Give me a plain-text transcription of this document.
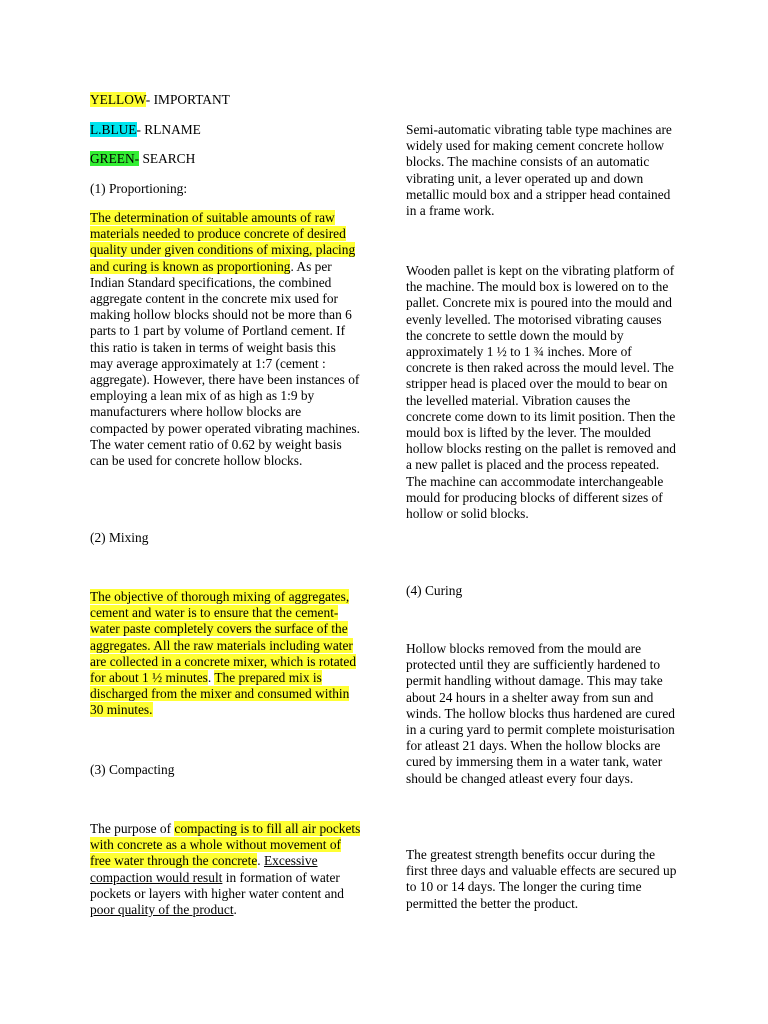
YELLOW- IMPORTANT

L.BLUE- RLNAME

GREEN- SEARCH

(1) Proportioning:

The determination of suitable amounts of raw materials needed to produce concrete of desired quality under given conditions of mixing, placing and curing is known as proportioning. As per Indian Standard specifications, the combined aggregate content in the concrete mix used for making hollow blocks should not be more than 6 parts to 1 part by volume of Portland cement. If this ratio is taken in terms of weight basis this may average approximately at 1:7 (cement : aggregate). However, there have been instances of employing a lean mix of as high as 1:9 by manufacturers where hollow blocks are compacted by power operated vibrating machines. The water cement ratio of 0.62 by weight basis can be used for concrete hollow blocks.

(2) Mixing

The objective of thorough mixing of aggregates, cement and water is to ensure that the cement-water paste completely covers the surface of the aggregates. All the raw materials including water are collected in a concrete mixer, which is rotated for about 1 ½ minutes. The prepared mix is discharged from the mixer and consumed within 30 minutes.

(3) Compacting

The purpose of compacting is to fill all air pockets with concrete as a whole without movement of free water through the concrete. Excessive compaction would result in formation of water pockets or layers with higher water content and poor quality of the product.

Semi-automatic vibrating table type machines are widely used for making cement concrete hollow blocks. The machine consists of an automatic vibrating unit, a lever operated up and down metallic mould box and a stripper head contained in a frame work.

Wooden pallet is kept on the vibrating platform of the machine. The mould box is lowered on to the pallet. Concrete mix is poured into the mould and evenly levelled. The motorised vibrating causes the concrete to settle down the mould by approximately 1 ½ to 1 ¾ inches. More of concrete is then raked across the mould level. The stripper head is placed over the mould to bear on the levelled material. Vibration causes the concrete come down to its limit position. Then the mould box is lifted by the lever. The moulded hollow blocks resting on the pallet is removed and a new pallet is placed and the process repeated. The machine can accommodate interchangeable mould for producing blocks of different sizes of hollow or solid blocks.

(4) Curing

Hollow blocks removed from the mould are protected until they are sufficiently hardened to permit handling without damage. This may take about 24 hours in a shelter away from sun and winds. The hollow blocks thus hardened are cured in a curing yard to permit complete moisturisation for atleast 21 days. When the hollow blocks are cured by immersing them in a water tank, water should be changed atleast every four days.

The greatest strength benefits occur during the first three days and valuable effects are secured up to 10 or 14 days. The longer the curing time permitted the better the product.
